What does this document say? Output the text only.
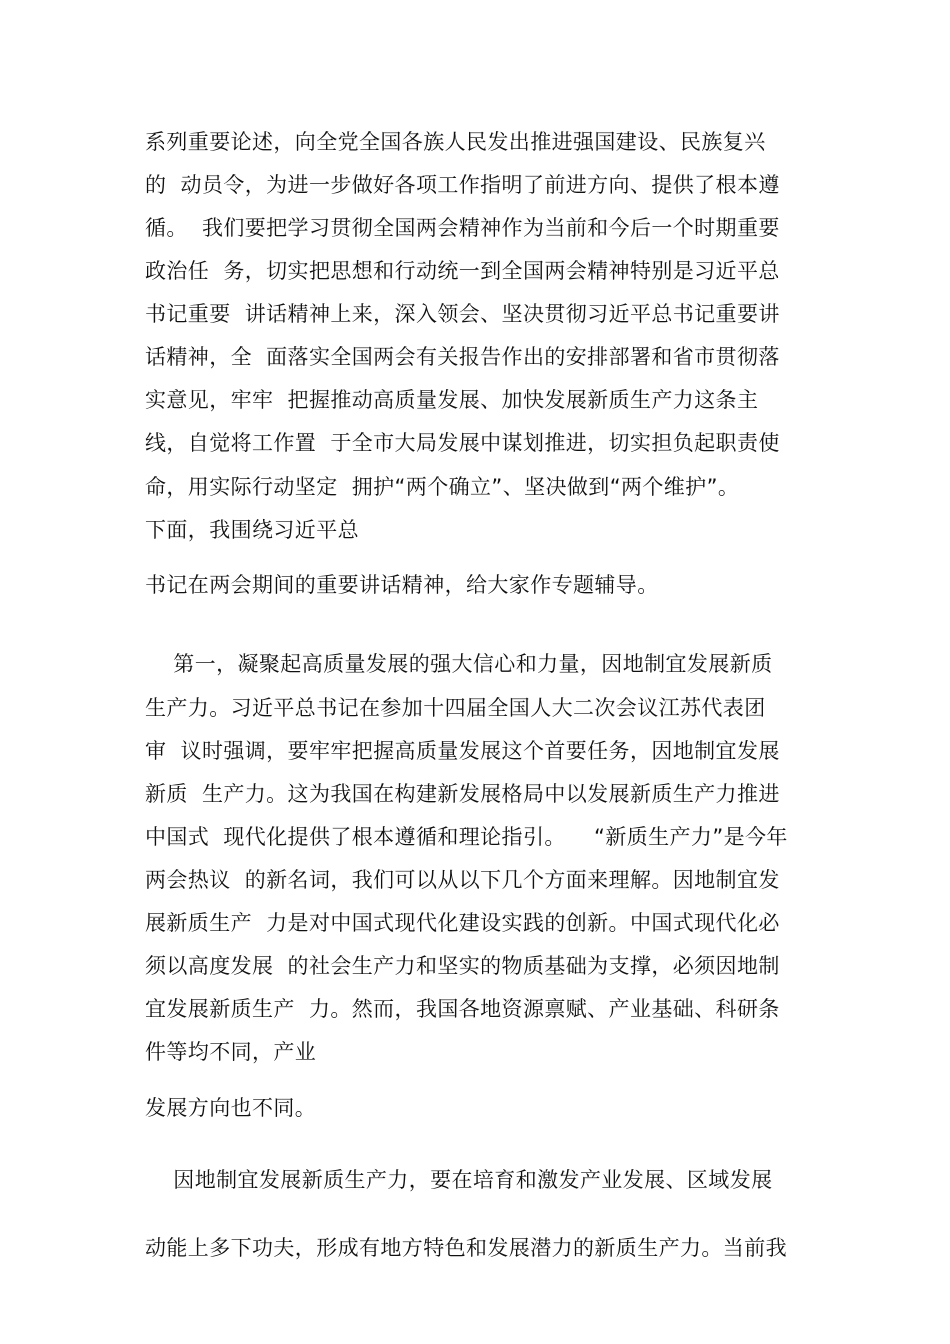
系列重要论述，向全党全国各族人民发出推进强国建设、民族复兴
的  动员令，为进一步做好各项工作指明了前进方向、提供了根本遵
循。  我们要把学习贯彻全国两会精神作为当前和今后一个时期重要
政治任  务，切实把思想和行动统一到全国两会精神特别是习近平总
书记重要  讲话精神上来，深入领会、坚决贯彻习近平总书记重要讲
话精神，全  面落实全国两会有关报告作出的安排部署和省市贯彻落
实意见，牢牢  把握推动高质量发展、加快发展新质生产力这条主
线，自觉将工作置  于全市大局发展中谋划推进，切实担负起职责使
命，用实际行动坚定  拥护“两个确立”、坚决做到“两个维护”。
下面，我围绕习近平总
书记在两会期间的重要讲话精神，给大家作专题辅导。
第一，凝聚起高质量发展的强大信心和力量，因地制宜发展新质
生产力。习近平总书记在参加十四届全国人大二次会议江苏代表团
审  议时强调，要牢牢把握高质量发展这个首要任务，因地制宜发展
新质  生产力。这为我国在构建新发展格局中以发展新质生产力推进
中国式  现代化提供了根本遵循和理论指引。    “新质生产力”是今年
两会热议  的新名词，我们可以从以下几个方面来理解。因地制宜发
展新质生产  力是对中国式现代化建设实践的创新。中国式现代化必
须以高度发展  的社会生产力和坚实的物质基础为支撑，必须因地制
宜发展新质生产  力。然而，我国各地资源禀赋、产业基础、科研条
件等均不同，产业
发展方向也不同。
因地制宜发展新质生产力，要在培育和激发产业发展、区域发展
动能上多下功夫，形成有地方特色和发展潜力的新质生产力。当前我
